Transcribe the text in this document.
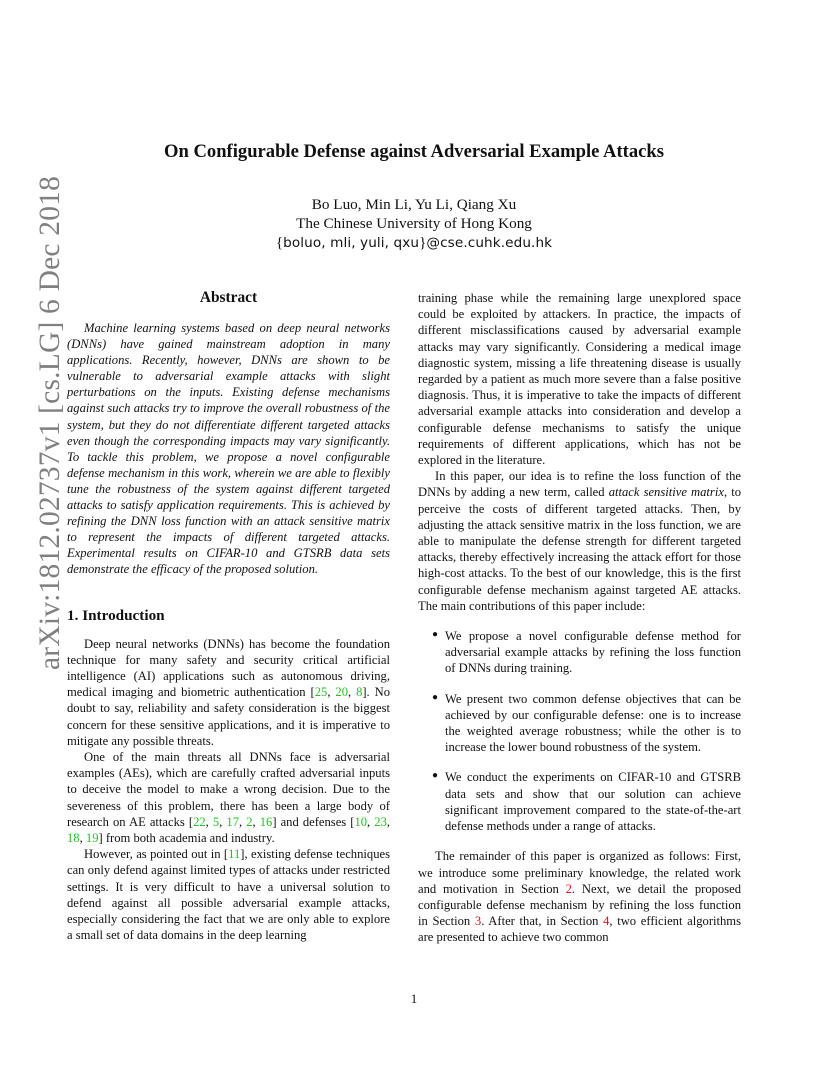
arXiv:1812.02737v1 [cs.LG] 6 Dec 2018
On Configurable Defense against Adversarial Example Attacks
Bo Luo, Min Li, Yu Li, Qiang Xu
The Chinese University of Hong Kong
{boluo, mli, yuli, qxu}@cse.cuhk.edu.hk
Abstract

Machine learning systems based on deep neural networks (DNNs) have gained mainstream adoption in many applications. Recently, however, DNNs are shown to be vulnerable to adversarial example attacks with slight perturbations on the inputs. Existing defense mechanisms against such attacks try to improve the overall robustness of the system, but they do not differentiate different targeted attacks even though the corresponding impacts may vary significantly. To tackle this problem, we propose a novel configurable defense mechanism in this work, wherein we are able to flexibly tune the robustness of the system against different targeted attacks to satisfy application requirements. This is achieved by refining the DNN loss function with an attack sensitive matrix to represent the impacts of different targeted attacks. Experimental results on CIFAR-10 and GTSRB data sets demonstrate the efficacy of the proposed solution.

1. Introduction

Deep neural networks (DNNs) has become the foundation technique for many safety and security critical artificial intelligence (AI) applications such as autonomous driving, medical imaging and biometric authentication [25, 20, 8]. No doubt to say, reliability and safety consideration is the biggest concern for these sensitive applications, and it is imperative to mitigate any possible threats.

One of the main threats all DNNs face is adversarial examples (AEs), which are carefully crafted adversarial inputs to deceive the model to make a wrong decision. Due to the severeness of this problem, there has been a large body of research on AE attacks [22, 5, 17, 2, 16] and defenses [10, 23, 18, 19] from both academia and industry.

However, as pointed out in [11], existing defense techniques can only defend against limited types of attacks under restricted settings. It is very difficult to have a universal solution to defend against all possible adversarial example attacks, especially considering the fact that we are only able to explore a small set of data domains in the deep learning

training phase while the remaining large unexplored space could be exploited by attackers. In practice, the impacts of different misclassifications caused by adversarial example attacks may vary significantly. Considering a medical image diagnostic system, missing a life threatening disease is usually regarded by a patient as much more severe than a false positive diagnosis. Thus, it is imperative to take the impacts of different adversarial example attacks into consideration and develop a configurable defense mechanisms to satisfy the unique requirements of different applications, which has not be explored in the literature.

In this paper, our idea is to refine the loss function of the DNNs by adding a new term, called attack sensitive matrix, to perceive the costs of different targeted attacks. Then, by adjusting the attack sensitive matrix in the loss function, we are able to manipulate the defense strength for different targeted attacks, thereby effectively increasing the attack effort for those high-cost attacks. To the best of our knowledge, this is the first configurable defense mechanism against targeted AE attacks. The main contributions of this paper include:

● We propose a novel configurable defense method for adversarial example attacks by refining the loss function of DNNs during training.

● We present two common defense objectives that can be achieved by our configurable defense: one is to increase the weighted average robustness; while the other is to increase the lower bound robustness of the system.

● We conduct the experiments on CIFAR-10 and GTSRB data sets and show that our solution can achieve significant improvement compared to the state-of-the-art defense methods under a range of attacks.

The remainder of this paper is organized as follows: First, we introduce some preliminary knowledge, the related work and motivation in Section 2. Next, we detail the proposed configurable defense mechanism by refining the loss function in Section 3. After that, in Section 4, two efficient algorithms are presented to achieve two common

1
